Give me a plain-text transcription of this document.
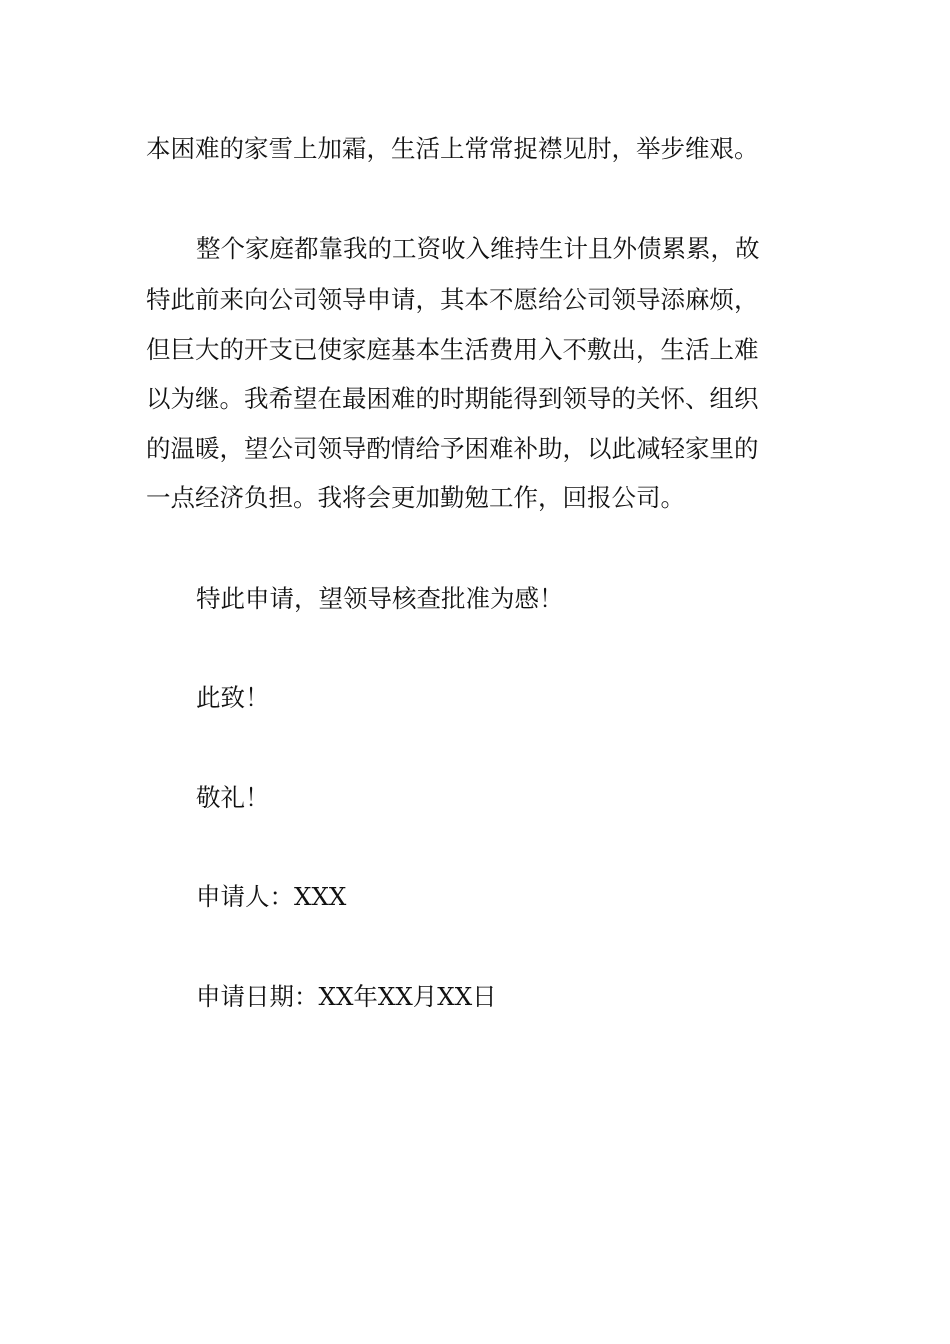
本困难的家雪上加霜，生活上常常捉襟见肘，举步维艰。

整个家庭都靠我的工资收入维持生计且外债累累，故

特此前来向公司领导申请，其本不愿给公司领导添麻烦，

但巨大的开支已使家庭基本生活费用入不敷出，生活上难

以为继。我希望在最困难的时期能得到领导的关怀、组织

的温暖，望公司领导酌情给予困难补助，以此减轻家里的

一点经济负担。我将会更加勤勉工作，回报公司。

特此申请，望领导核查批准为感！

此致！

敬礼！

申请人：XXX

申请日期：XX年XX月XX日
